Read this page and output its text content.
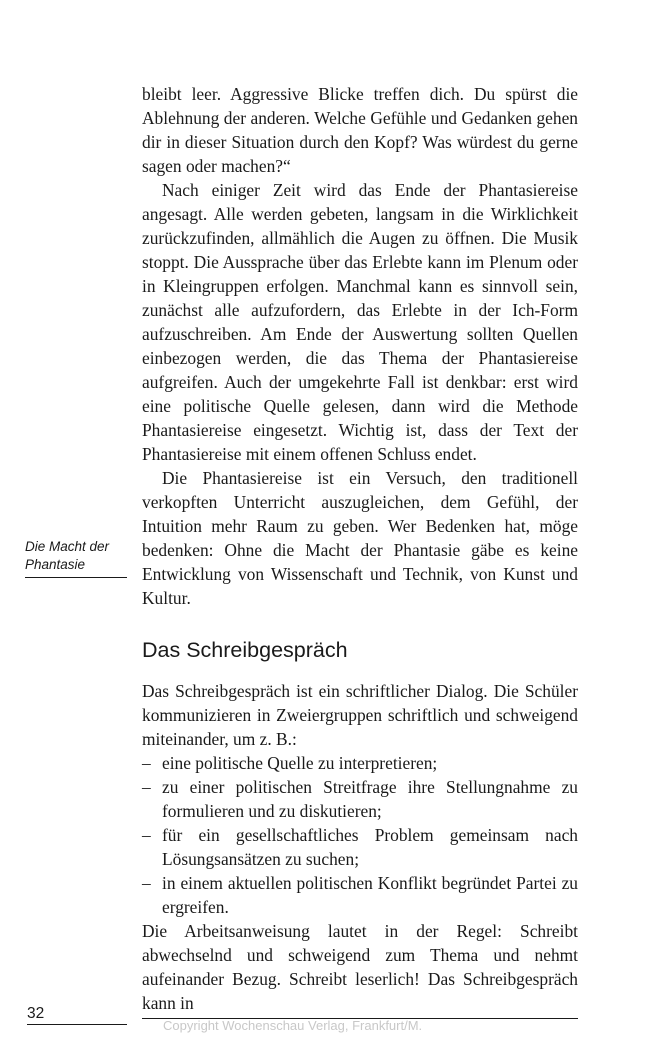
bleibt leer. Aggressive Blicke treffen dich. Du spürst die Ablehnung der anderen. Welche Gefühle und Gedanken gehen dir in dieser Situation durch den Kopf? Was würdest du gerne sagen oder machen?“

Nach einiger Zeit wird das Ende der Phantasiereise angesagt. Alle werden gebeten, langsam in die Wirklichkeit zurückzufinden, allmählich die Augen zu öffnen. Die Musik stoppt. Die Aussprache über das Erlebte kann im Plenum oder in Kleingruppen erfolgen. Manchmal kann es sinnvoll sein, zunächst alle aufzufordern, das Erlebte in der Ich-Form aufzuschreiben. Am Ende der Auswertung sollten Quellen einbezogen werden, die das Thema der Phantasiereise aufgreifen. Auch der umgekehrte Fall ist denkbar: erst wird eine politische Quelle gelesen, dann wird die Methode Phantasiereise eingesetzt. Wichtig ist, dass der Text der Phantasiereise mit einem offenen Schluss endet.

Die Phantasiereise ist ein Versuch, den traditionell verkopften Unterricht auszugleichen, dem Gefühl, der Intuition mehr Raum zu geben. Wer Bedenken hat, möge bedenken: Ohne die Macht der Phantasie gäbe es keine Entwicklung von Wissenschaft und Technik, von Kunst und Kultur.

Die Macht der
Phantasie
Das Schreibgespräch

Das Schreibgespräch ist ein schriftlicher Dialog. Die Schüler kommunizieren in Zweiergruppen schriftlich und schweigend miteinander, um z. B.:

– eine politische Quelle zu interpretieren;
– zu einer politischen Streitfrage ihre Stellungnahme zu formulieren und zu diskutieren;
– für ein gesellschaftliches Problem gemeinsam nach Lösungsansätzen zu suchen;
– in einem aktuellen politischen Konflikt begründet Partei zu ergreifen.

Die Arbeitsanweisung lautet in der Regel: Schreibt abwechselnd und schweigend zum Thema und nehmt aufeinander Bezug. Schreibt leserlich! Das Schreibgespräch kann in

32
Copyright Wochenschau Verlag, Frankfurt/M.
